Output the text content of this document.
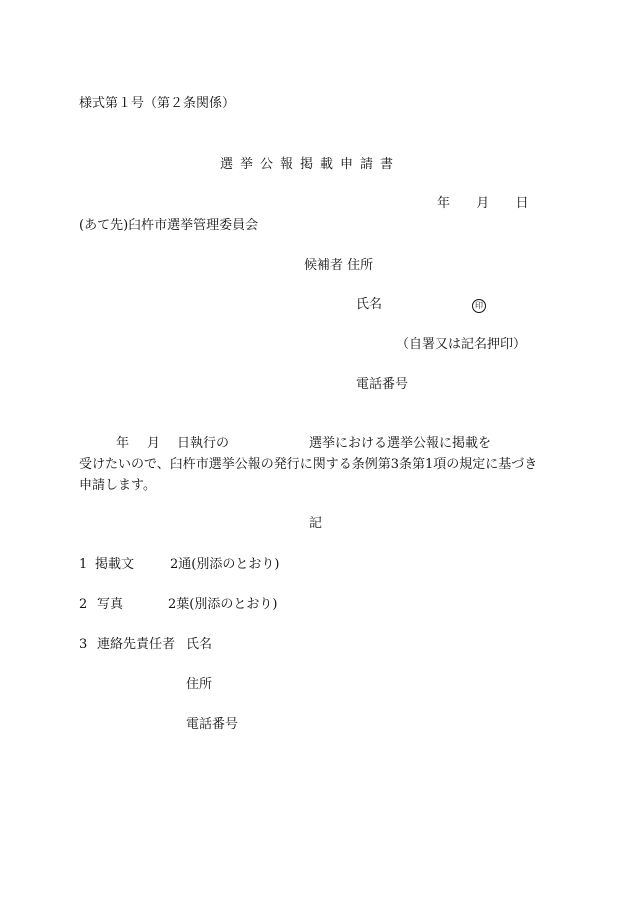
様式第１号（第２条関係）
選挙公報掲載申請書
年 月 日
(あて先)臼杵市選挙管理委員会
候補者 住所
氏名	印
（自署又は記名押印）
電話番号
年 月 日執行の	選挙における選挙公報に掲載を
受けたいので、臼杵市選挙公報の発行に関する条例第3条第1項の規定に基づき
申請します。
記
1 掲載文	2通(別添のとおり)
2 写真	2葉(別添のとおり)
3 連絡先責任者 氏名
住所
電話番号
